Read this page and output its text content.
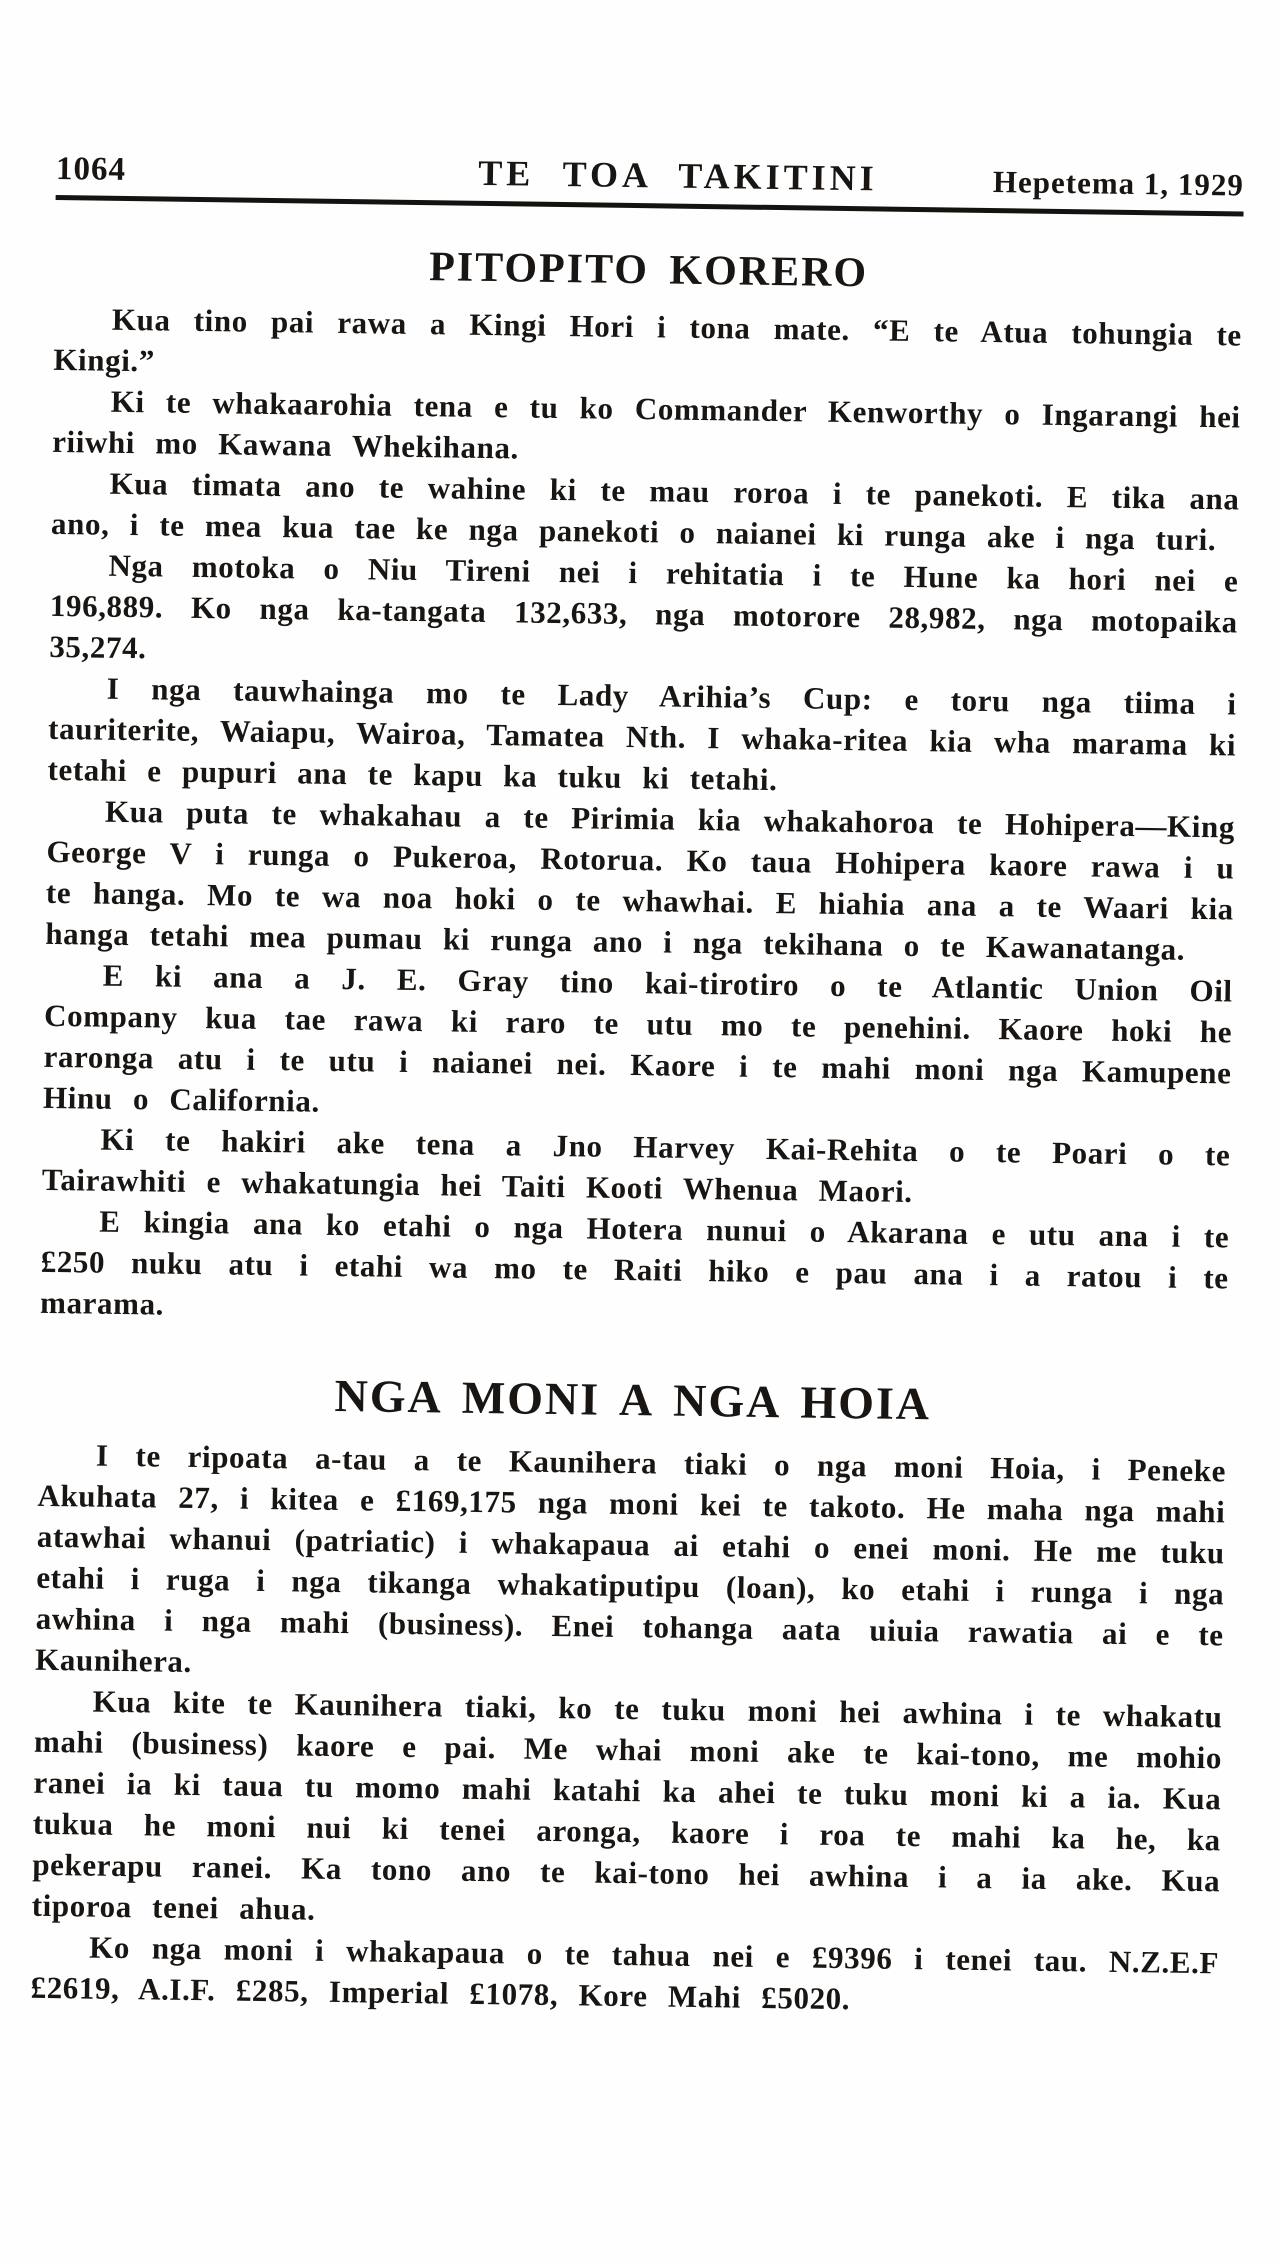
1064	TE TOA TAKITINI	Hepetema 1, 1929
PITOPITO KORERO

Kua tino pai rawa a Kingi Hori i tona mate. “E te Atua tohungia te Kingi.”

Ki te whakaarohia tena e tu ko Commander Kenworthy o Ingarangi hei riiwhi mo Kawana Whekihana.

Kua timata ano te wahine ki te mau roroa i te panekoti. E tika ana ano, i te mea kua tae ke nga panekoti o naianei ki runga ake i nga turi.

Nga motoka o Niu Tireni nei i rehitatia i te Hune ka hori nei e 196,889. Ko nga ka-tangata 132,633, nga motorore 28,982, nga motopaika 35,274.

I nga tauwhainga mo te Lady Arihia’s Cup: e toru nga tiima i tauriterite, Waiapu, Wairoa, Tamatea Nth. I whaka-ritea kia wha marama ki tetahi e pupuri ana te kapu ka tuku ki tetahi.

Kua puta te whakahau a te Pirimia kia whakahoroa te Hohipera—King George V i runga o Pukeroa, Rotorua. Ko taua Hohipera kaore rawa i u te hanga. Mo te wa noa hoki o te whawhai. E hiahia ana a te Waari kia hanga tetahi mea pumau ki runga ano i nga tekihana o te Kawanatanga.

E ki ana a J. E. Gray tino kai-tirotiro o te Atlantic Union Oil Company kua tae rawa ki raro te utu mo te penehini. Kaore hoki he raronga atu i te utu i naianei nei. Kaore i te mahi moni nga Kamupene Hinu o California.

Ki te hakiri ake tena a Jno Harvey Kai-Rehita o te Poari o te Tairawhiti e whakatungia hei Taiti Kooti Whenua Maori.

E kingia ana ko etahi o nga Hotera nunui o Akarana e utu ana i te £250 nuku atu i etahi wa mo te Raiti hiko e pau ana i a ratou i te marama.

NGA MONI A NGA HOIA

I te ripoata a-tau a te Kaunihera tiaki o nga moni Hoia, i Peneke Akuhata 27, i kitea e £169,175 nga moni kei te takoto. He maha nga mahi atawhai whanui (patriatic) i whakapaua ai etahi o enei moni. He me tuku etahi i ruga i nga tikanga whakatiputipu (loan), ko etahi i runga i nga awhina i nga mahi (business). Enei tohanga aata uiuia rawatia ai e te Kaunihera.

Kua kite te Kaunihera tiaki, ko te tuku moni hei awhina i te whakatu mahi (business) kaore e pai. Me whai moni ake te kai-tono, me mohio ranei ia ki taua tu momo mahi katahi ka ahei te tuku moni ki a ia. Kua tukua he moni nui ki tenei aronga, kaore i roa te mahi ka he, ka pekerapu ranei. Ka tono ano te kai-tono hei awhina i a ia ake. Kua tiporoa tenei ahua.

Ko nga moni i whakapaua o te tahua nei e £9396 i tenei tau. N.Z.E.F £2619, A.I.F. £285, Imperial £1078, Kore Mahi £5020.
